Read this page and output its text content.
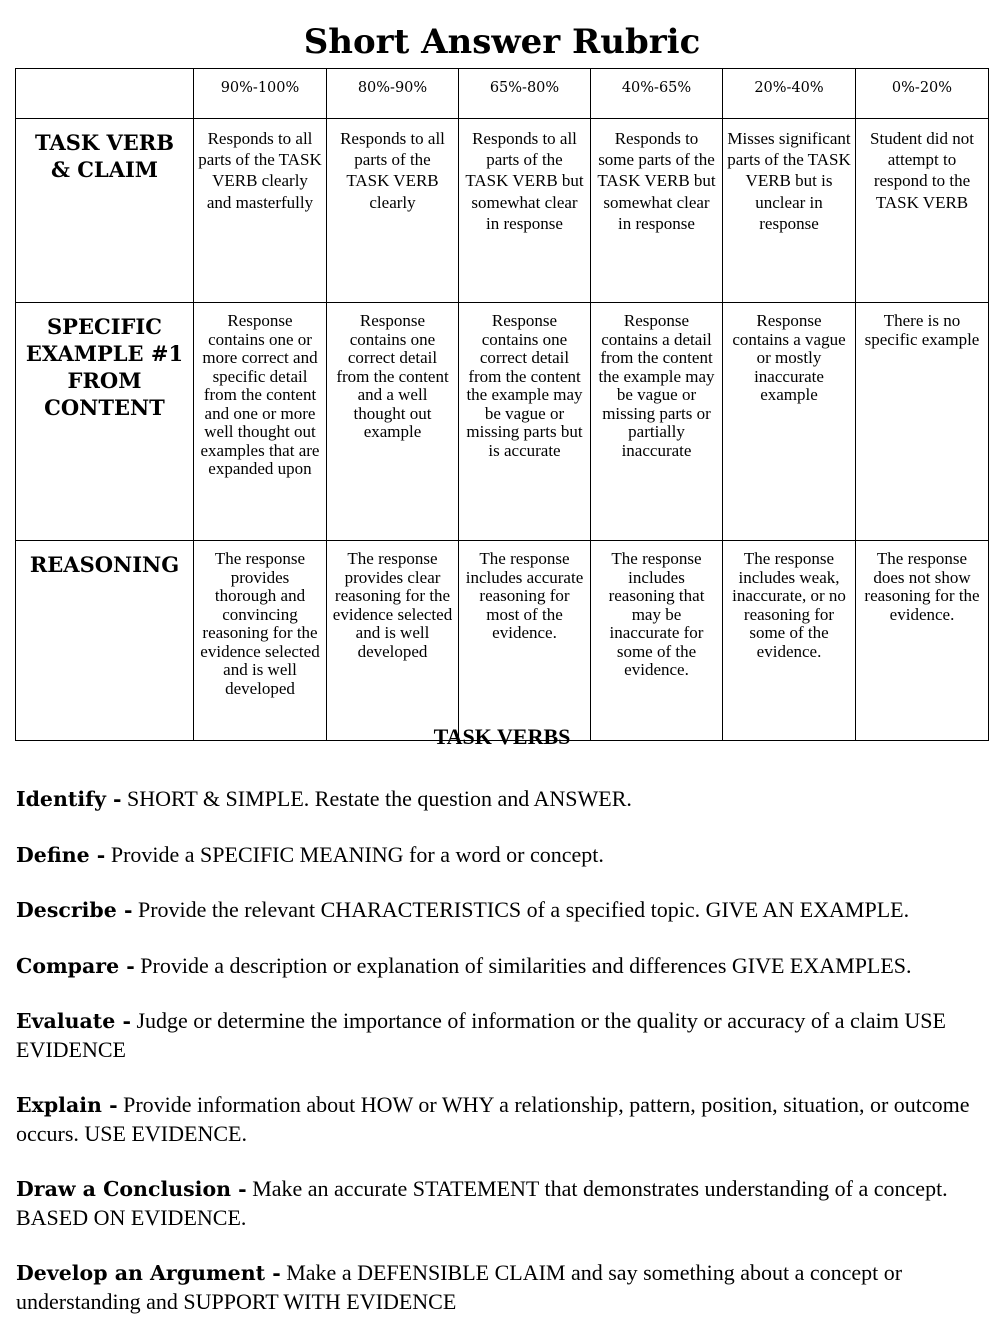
Short Answer Rubric
	90%-100%	80%-90%	65%-80%	40%-65%	20%-40%	0%-20%
TASK VERB
& CLAIM	Responds to all parts of the TASK VERB clearly and masterfully	Responds to all parts of the TASK VERB clearly	Responds to all parts of the TASK VERB but somewhat clear in response	Responds to some parts of the TASK VERB but somewhat clear in response	Misses significant parts of the TASK VERB but is unclear in response	Student did not attempt to respond to the TASK VERB
SPECIFIC EXAMPLE #1 FROM CONTENT	Response contains one or more correct and specific detail from the content and one or more well thought out examples that are expanded upon	Response contains one correct detail from the content and a well thought out example	Response contains one correct detail from the content the example may be vague or missing parts but is accurate	Response contains a detail from the content the example may be vague or missing parts or partially inaccurate	Response contains a vague or mostly inaccurate example	There is no specific example
REASONING	The response provides thorough and convincing reasoning for the evidence selected and is well developed	The response provides clear reasoning for the evidence selected and is well developed	The response includes accurate reasoning for most of the evidence.	The response includes reasoning that may be inaccurate for some of the evidence.	The response includes weak, inaccurate, or no reasoning for some of the evidence.	The response does not show reasoning for the evidence.
TASK VERBS

Identify - SHORT & SIMPLE. Restate the question and ANSWER.

Define - Provide a SPECIFIC MEANING for a word or concept.

Describe - Provide the relevant CHARACTERISTICS of a specified topic. GIVE AN EXAMPLE.

Compare - Provide a description or explanation of similarities and differences GIVE EXAMPLES.

Evaluate - Judge or determine the importance of information or the quality or accuracy of a claim USE EVIDENCE

Explain - Provide information about HOW or WHY a relationship, pattern, position, situation, or outcome occurs. USE EVIDENCE.

Draw a Conclusion - Make an accurate STATEMENT that demonstrates understanding of a concept. BASED ON EVIDENCE.

Develop an Argument - Make a DEFENSIBLE CLAIM and say something about a concept or understanding and SUPPORT WITH EVIDENCE
